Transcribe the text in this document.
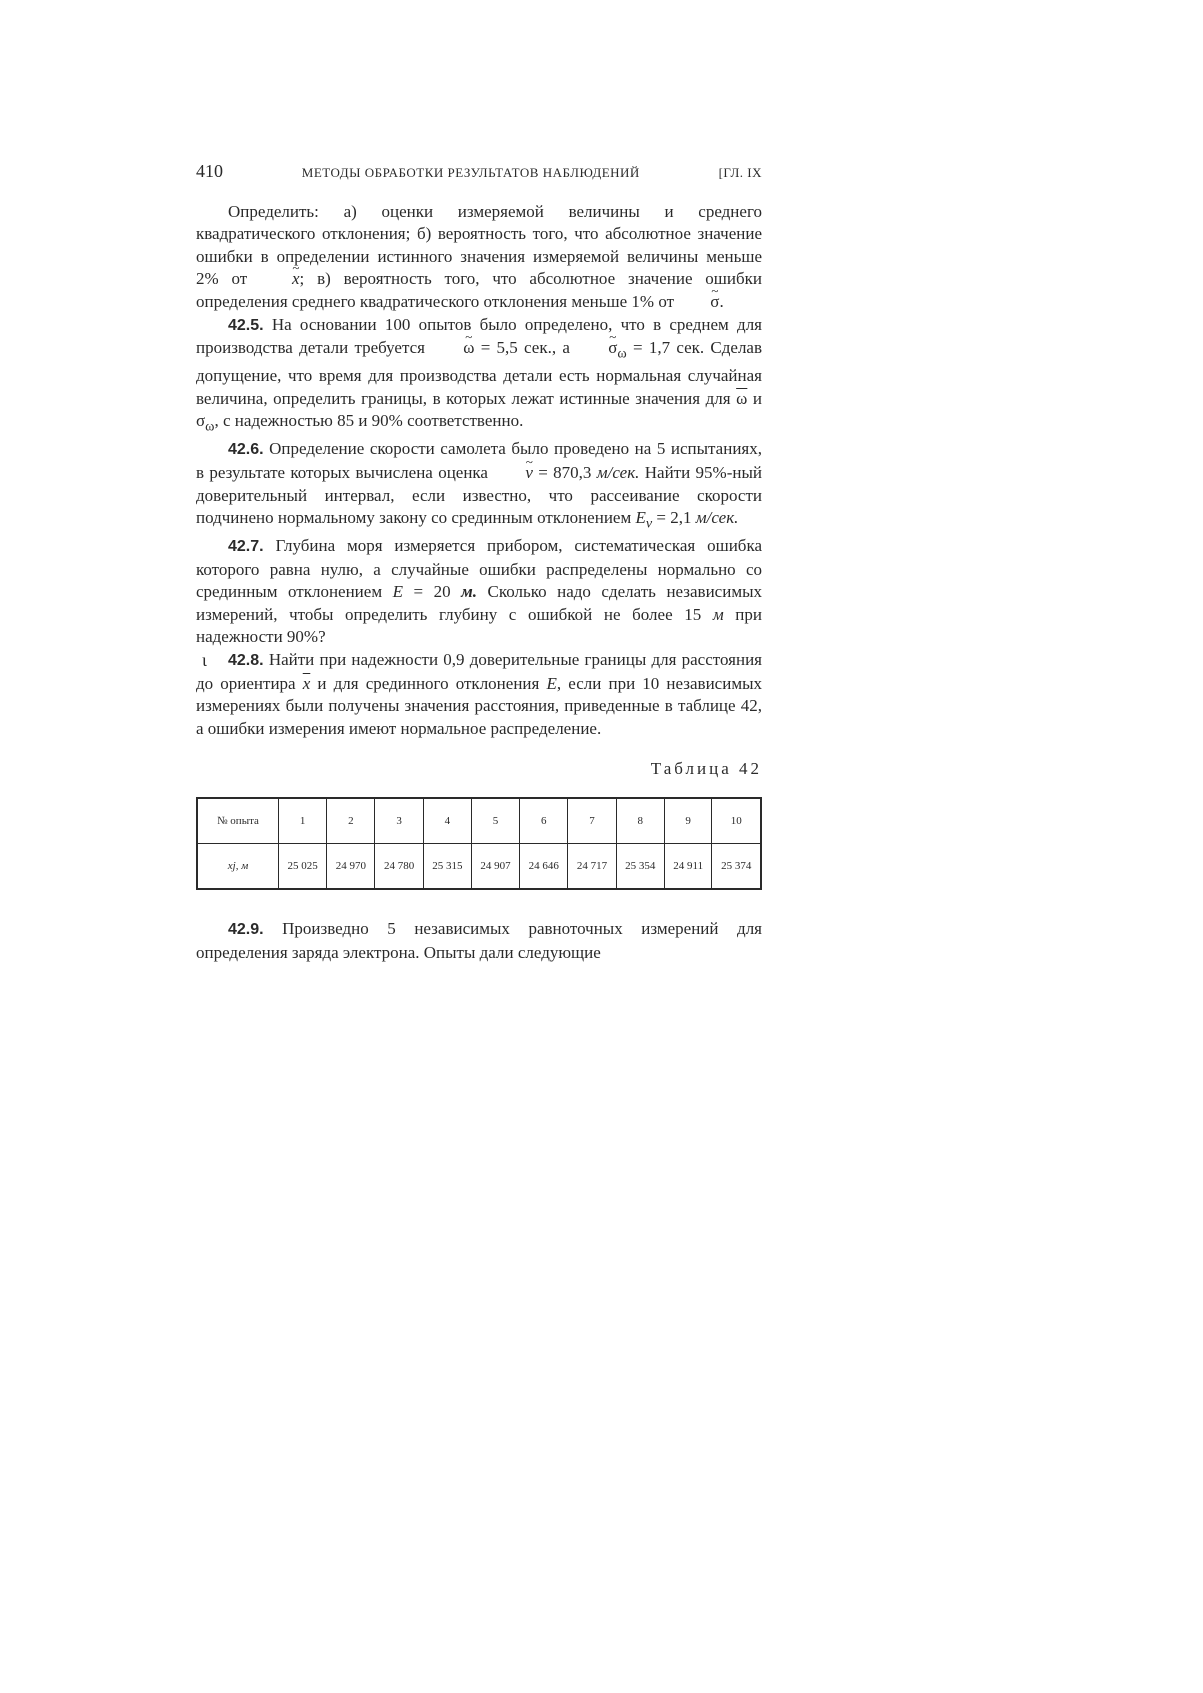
410	МЕТОДЫ ОБРАБОТКИ РЕЗУЛЬТАТОВ НАБЛЮДЕНИЙ	[ГЛ. IX

Определить: а) оценки измеряемой величины и среднего квадратического отклонения; б) вероятность того, что абсолютное значение ошибки в определении истинного значения измеряемой величины меньше 2% от ~ x; в) вероятность того, что абсолютное значение ошибки определения среднего квадратического отклонения меньше 1% от ~ σ.

42.5. На основании 100 опытов было определено, что в среднем для производства детали требуется ~ ω = 5,5 сек., а ~ $\sigma_\omega = 1,7$ сек. Сделав допущение, что время для производства детали есть нормальная случайная величина, определить границы, в которых лежат истинные значения для $\overline{\omega}$ и $\sigma_\omega$, с надежностью 85 и 90% соответственно.

42.6. Определение скорости самолета было проведено на 5 испытаниях, в результате которых вычислена оценка ~ v = 870,3 м/сек. Найти 95%-ный доверительный интервал, если известно, что рассеивание скорости подчинено нормальному закону со срединным отклонением $E_v = 2,1$ м/сек.

42.7. Глубина моря измеряется прибором, систематическая ошибка которого равна нулю, а случайные ошибки распределены нормально со срединным отклонением E = 20 м. Сколько надо сделать независимых измерений, чтобы определить глубину с ошибкой не более 15 м при надежности 90%?

ɩ 42.8. Найти при надежности 0,9 доверительные границы для расстояния до ориентира $\overline{x}$ и для срединного отклонения E, если при 10 независимых измерениях были получены значения расстояния, приведенные в таблице 42, а ошибки измерения имеют нормальное распределение.

Таблица 42
№ опыта	1	2	3	4	5	6	7	8	9	10
xj, м	25 025	24 970	24 780	25 315	24 907	24 646	24 717	25 354	24 911	25 374

42.9. Произведно 5 независимых равноточных измерений для определения заряда электрона. Опыты дали следующие
